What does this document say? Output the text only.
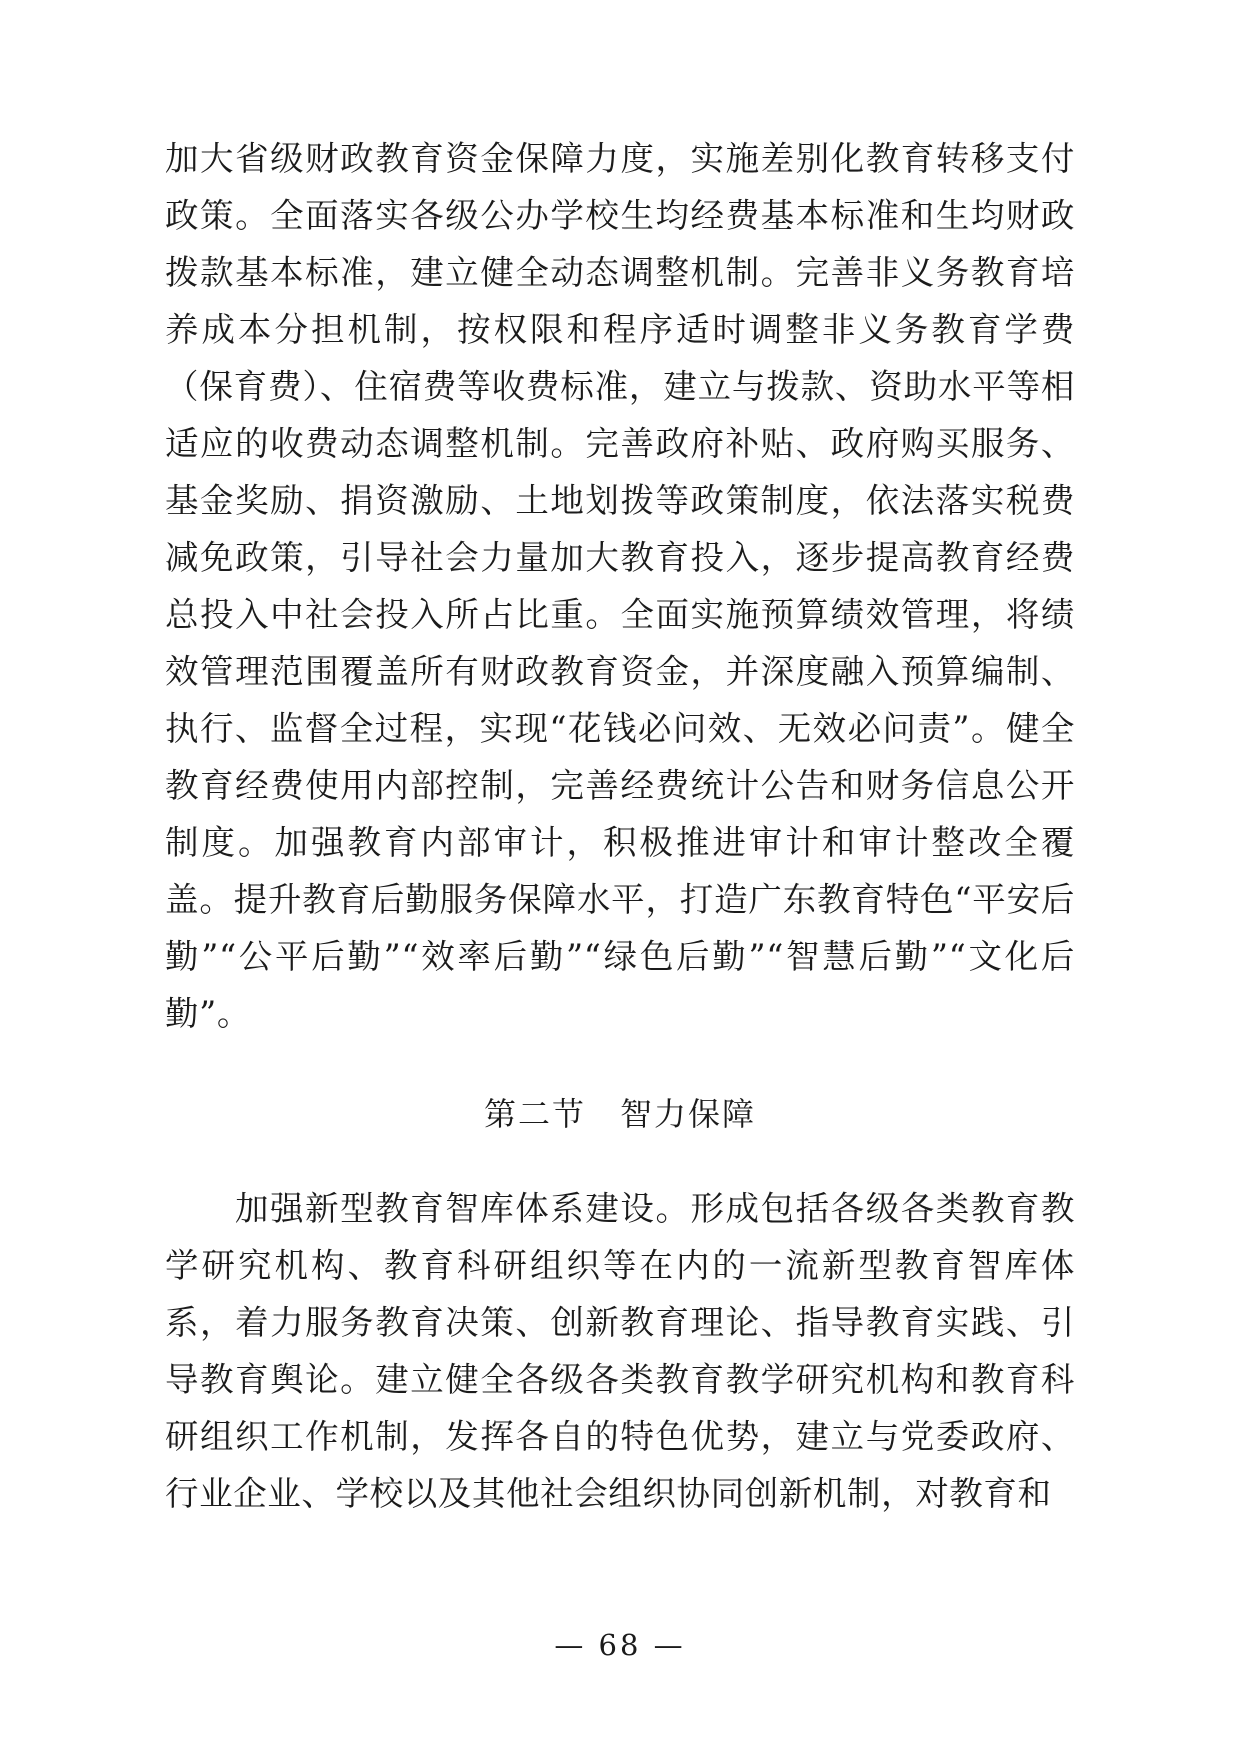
加大省级财政教育资金保障力度，实施差别化教育转移支付政策。全面落实各级公办学校生均经费基本标准和生均财政拨款基本标准，建立健全动态调整机制。完善非义务教育培养成本分担机制，按权限和程序适时调整非义务教育学费（保育费）、住宿费等收费标准，建立与拨款、资助水平等相适应的收费动态调整机制。完善政府补贴、政府购买服务、基金奖励、捐资激励、土地划拨等政策制度，依法落实税费减免政策，引导社会力量加大教育投入，逐步提高教育经费总投入中社会投入所占比重。全面实施预算绩效管理，将绩效管理范围覆盖所有财政教育资金，并深度融入预算编制、执行、监督全过程，实现“花钱必问效、无效必问责”。健全教育经费使用内部控制，完善经费统计公告和财务信息公开制度。加强教育内部审计，积极推进审计和审计整改全覆盖。提升教育后勤服务保障水平，打造广东教育特色“平安后勤”“公平后勤”“效率后勤”“绿色后勤”“智慧后勤”“文化后勤”。

第二节 智力保障

加强新型教育智库体系建设。形成包括各级各类教育教学研究机构、教育科研组织等在内的一流新型教育智库体系，着力服务教育决策、创新教育理论、指导教育实践、引导教育舆论。建立健全各级各类教育教学研究机构和教育科研组织工作机制，发挥各自的特色优势，建立与党委政府、行业企业、学校以及其他社会组织协同创新机制，对教育和

— 68 —
